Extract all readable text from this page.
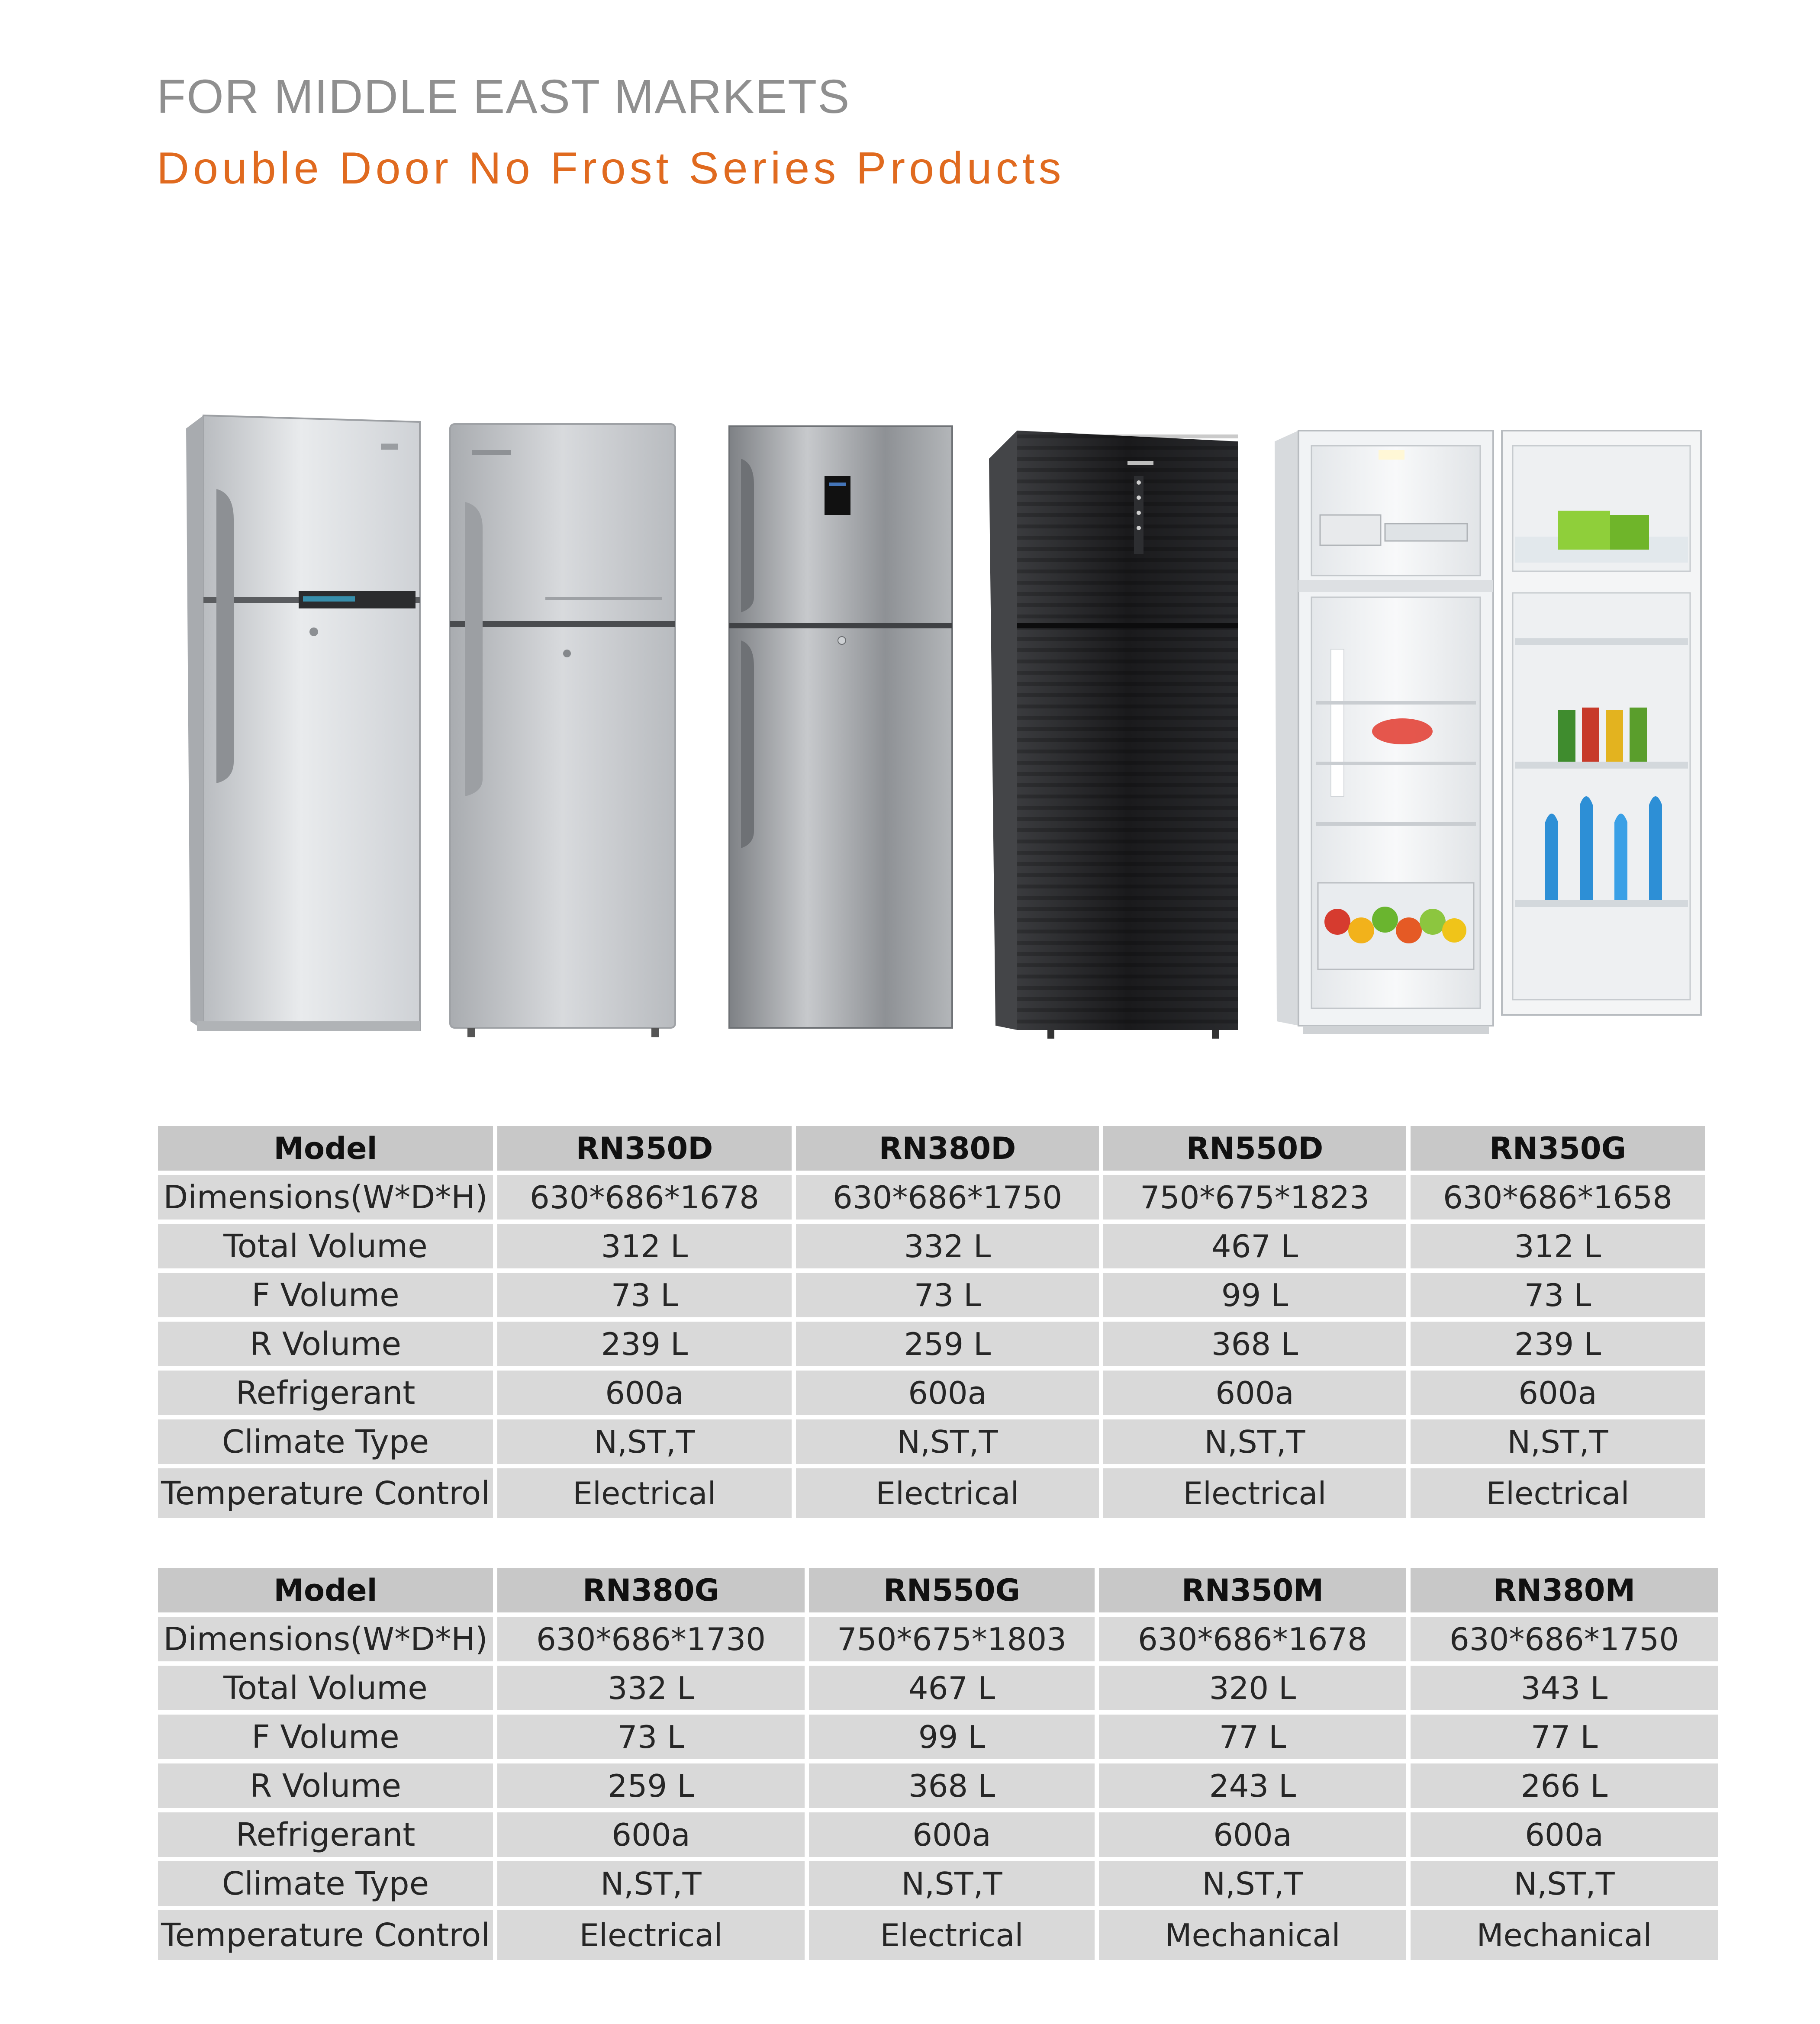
FOR MIDDLE EAST MARKETS
Double Door No Frost Series Products
Model	RN350D	RN380D	RN550D	RN350G
Dimensions(W*D*H)	630*686*1678	630*686*1750	750*675*1823	630*686*1658
Total Volume	312 L	332 L	467 L	312 L
F Volume	73 L	73 L	99 L	73 L
R Volume	239 L	259 L	368 L	239 L
Refrigerant	600a	600a	600a	600a
Climate Type	N,ST,T	N,ST,T	N,ST,T	N,ST,T
Temperature Control	Electrical	Electrical	Electrical	Electrical
Model	RN380G	RN550G	RN350M	RN380M
Dimensions(W*D*H)	630*686*1730	750*675*1803	630*686*1678	630*686*1750
Total Volume	332 L	467 L	320 L	343 L
F Volume	73 L	99 L	77 L	77 L
R Volume	259 L	368 L	243 L	266 L
Refrigerant	600a	600a	600a	600a
Climate Type	N,ST,T	N,ST,T	N,ST,T	N,ST,T
Temperature Control	Electrical	Electrical	Mechanical	Mechanical
